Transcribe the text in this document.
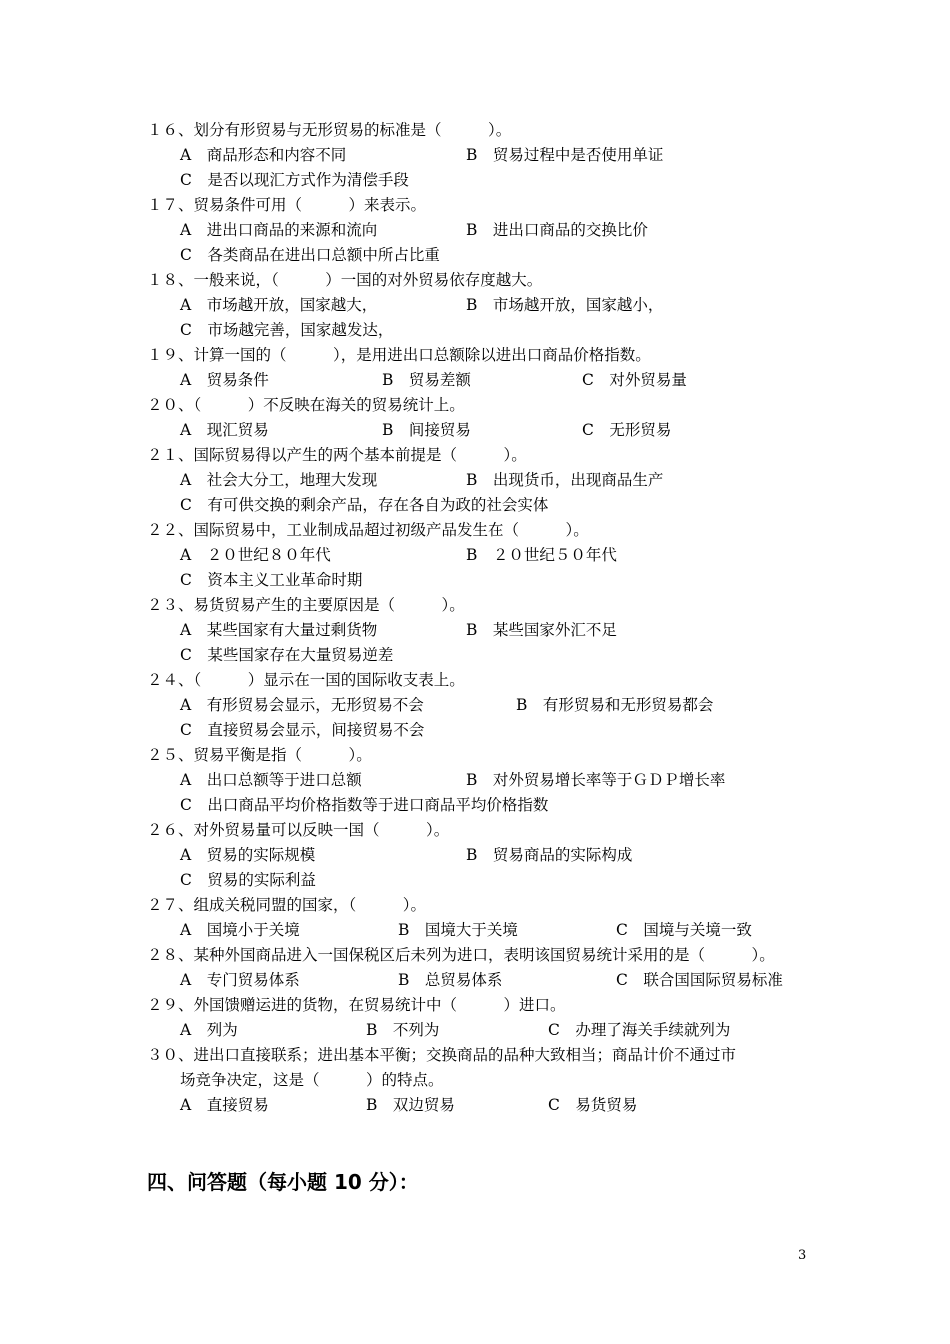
１６、划分有形贸易与无形贸易的标准是（　　　）。
A　商品形态和内容不同	B　贸易过程中是否使用单证
C　是否以现汇方式作为清偿手段
１７、贸易条件可用（　　　）来表示。
A　进出口商品的来源和流向	B　进出口商品的交换比价
C　各类商品在进出口总额中所占比重
１８、一般来说，（　　　）一国的对外贸易依存度越大。
A　市场越开放，国家越大，	B　市场越开放，国家越小，
C　市场越完善，国家越发达，
１９、计算一国的（　　　），是用进出口总额除以进出口商品价格指数。
A　贸易条件	B　贸易差额	C　对外贸易量
２０、（　　　）不反映在海关的贸易统计上。
A　现汇贸易	B　间接贸易	C　无形贸易
２１、国际贸易得以产生的两个基本前提是（　　　）。
A　社会大分工，地理大发现	B　出现货币，出现商品生产
C　有可供交换的剩余产品，存在各自为政的社会实体
２２、国际贸易中，工业制成品超过初级产品发生在（　　　）。
A　２０世纪８０年代	B　２０世纪５０年代
C　资本主义工业革命时期
２３、易货贸易产生的主要原因是（　　　）。
A　某些国家有大量过剩货物	B　某些国家外汇不足
C　某些国家存在大量贸易逆差
２４、（　　　）显示在一国的国际收支表上。
A　有形贸易会显示，无形贸易不会	B　有形贸易和无形贸易都会
C　直接贸易会显示，间接贸易不会
２５、贸易平衡是指（　　　）。
A　出口总额等于进口总额	B　对外贸易增长率等于ＧＤＰ增长率
C　出口商品平均价格指数等于进口商品平均价格指数
２６、对外贸易量可以反映一国（　　　）。
A　贸易的实际规模	B　贸易商品的实际构成
C　贸易的实际利益
２７、组成关税同盟的国家，（　　　）。
A　国境小于关境	B　国境大于关境	C　国境与关境一致
２８、某种外国商品进入一国保税区后未列为进口，表明该国贸易统计采用的是（　　　）。
A　专门贸易体系	B　总贸易体系	C　联合国国际贸易标准
２９、外国馈赠运进的货物，在贸易统计中（　　　）进口。
A　列为	B　不列为	C　办理了海关手续就列为
３０、进出口直接联系；进出基本平衡；交换商品的品种大致相当；商品计价不通过市
场竞争决定，这是（　　　）的特点。
A　直接贸易	B　双边贸易	C　易货贸易
四、问答题（每小题 10 分）：
3
